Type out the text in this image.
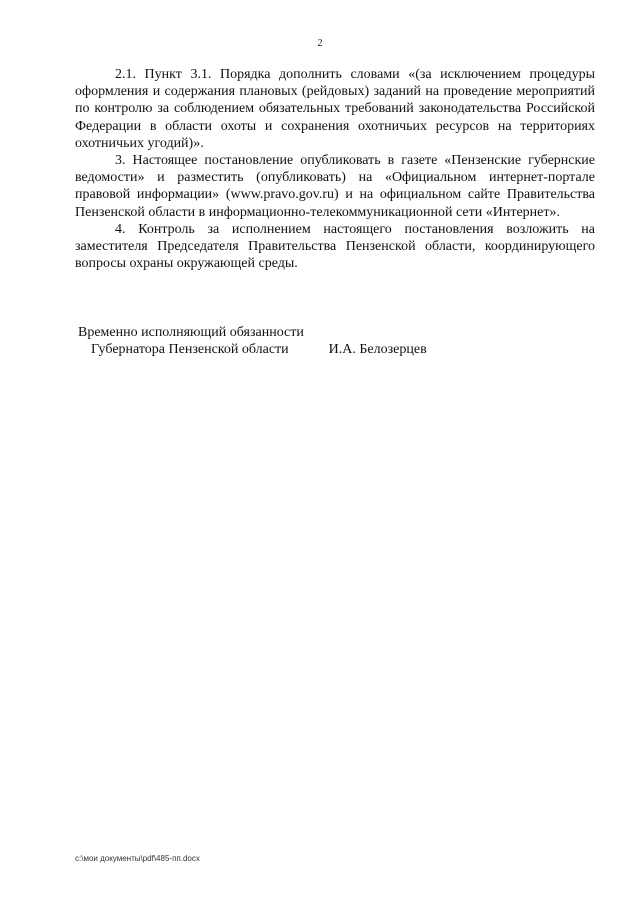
2

2.1. Пункт 3.1. Порядка дополнить словами «(за исключением процедуры оформления и содержания плановых (рейдовых) заданий на проведение мероприятий по контролю за соблюдением обязательных требований законодательства Российской Федерации в области охоты и сохранения охотничьих ресурсов на территориях охотничьих угодий)».

3. Настоящее постановление опубликовать в газете «Пензенские губернские ведомости» и разместить (опубликовать) на «Официальном интернет-портале правовой информации» (www.pravo.gov.ru) и на официальном сайте Правительства Пензенской области в информационно-телекоммуникационной сети «Интернет».

4. Контроль за исполнением настоящего постановления возложить на заместителя Председателя Правительства Пензенской области, координирующего вопросы охраны окружающей среды.

Временно исполняющий обязанности
Губернатора Пензенской области	И.А. Белозерцев
c:\мои документы\pdf\485-пп.docx
